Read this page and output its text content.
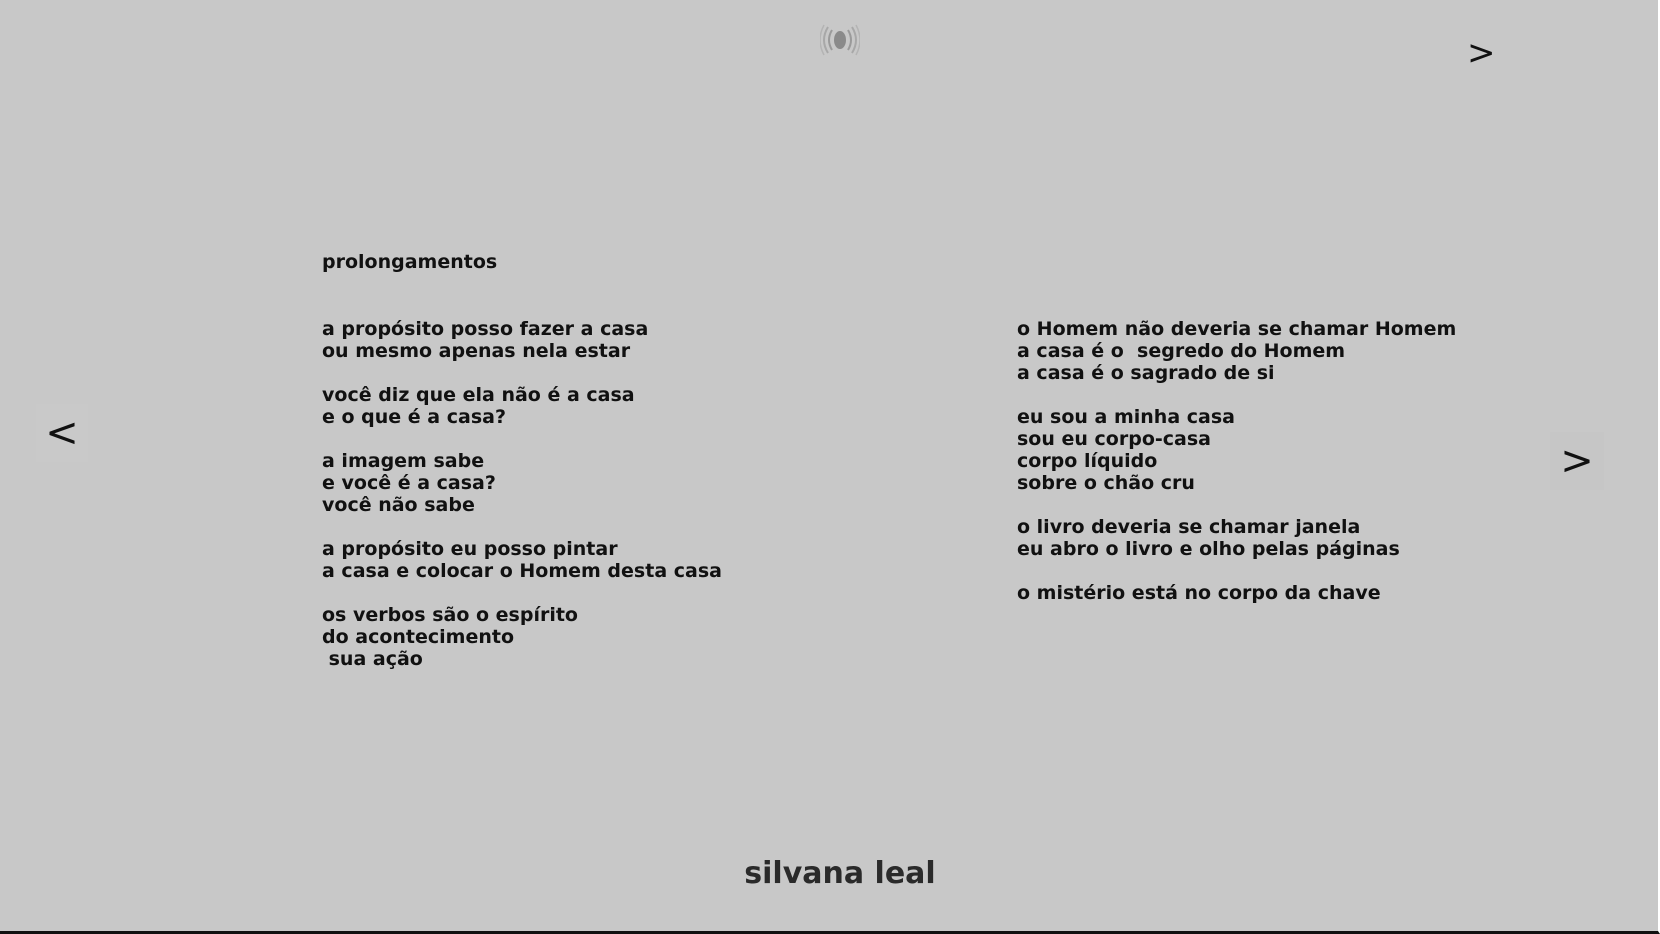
>
<
>
prolongamentos
a propósito posso fazer a casa
ou mesmo apenas nela estar
você diz que ela não é a casa
e o que é a casa?
a imagem sabe
e você é a casa?
você não sabe
a propósito eu posso pintar
a casa e colocar o Homem desta casa
os verbos são o espírito
do acontecimento
sua ação
o Homem não deveria se chamar Homem
a casa é o  segredo do Homem
a casa é o sagrado de si
eu sou a minha casa
sou eu corpo-casa
corpo líquido
sobre o chão cru
o livro deveria se chamar janela
eu abro o livro e olho pelas páginas
o mistério está no corpo da chave
silvana leal
